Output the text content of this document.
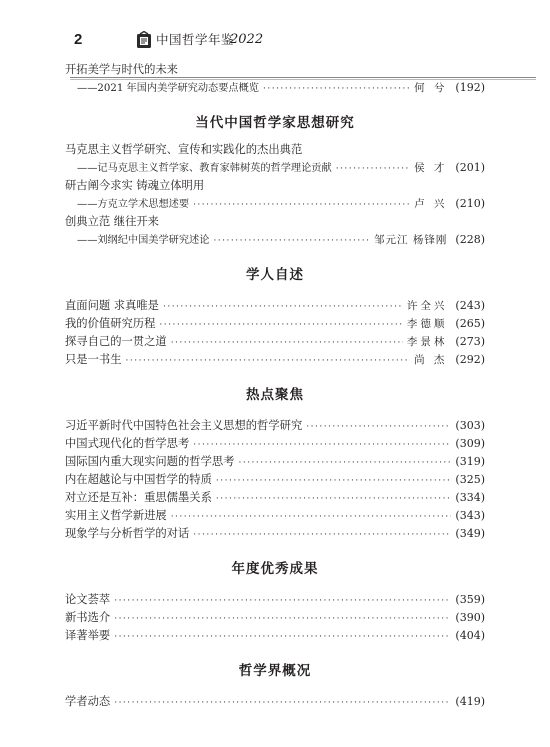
2	中国哲学年鉴
2022
开拓美学与时代的未来
——2021 年国内美学研究动态要点概览 ·····	何 兮 (192)
当代中国哲学家思想研究
马克思主义哲学研究、宣传和实践化的杰出典范
——记马克思主义哲学家、教育家韩树英的哲学理论贡献 ·····	侯 才 (201)
研古阐今求实 铸魂立体明用
——方克立学术思想述要 ·····	卢 兴 (210)
创典立范 继往开来
——刘纲纪中国美学研究述论 ·····	邹元江 杨锋刚 (228)
学人自述
直面问题 求真唯是 ·····	许全兴 (243)
我的价值研究历程 ·····	李德顺 (265)
探寻自己的一贯之道 ·····	李景林 (273)
只是一书生 ·····	尚 杰 (292)
热点聚焦
习近平新时代中国特色社会主义思想的哲学研究 ·····	(303)
中国式现代化的哲学思考 ·····	(309)
国际国内重大现实问题的哲学思考 ·····	(319)
内在超越论与中国哲学的特质 ·····	(325)
对立还是互补：重思儒墨关系 ·····	(334)
实用主义哲学新进展 ·····	(343)
现象学与分析哲学的对话 ·····	(349)
年度优秀成果
论文荟萃 ·····	(359)
新书选介 ·····	(390)
译著举要 ·····	(404)
哲学界概况
学者动态 ·····	(419)
